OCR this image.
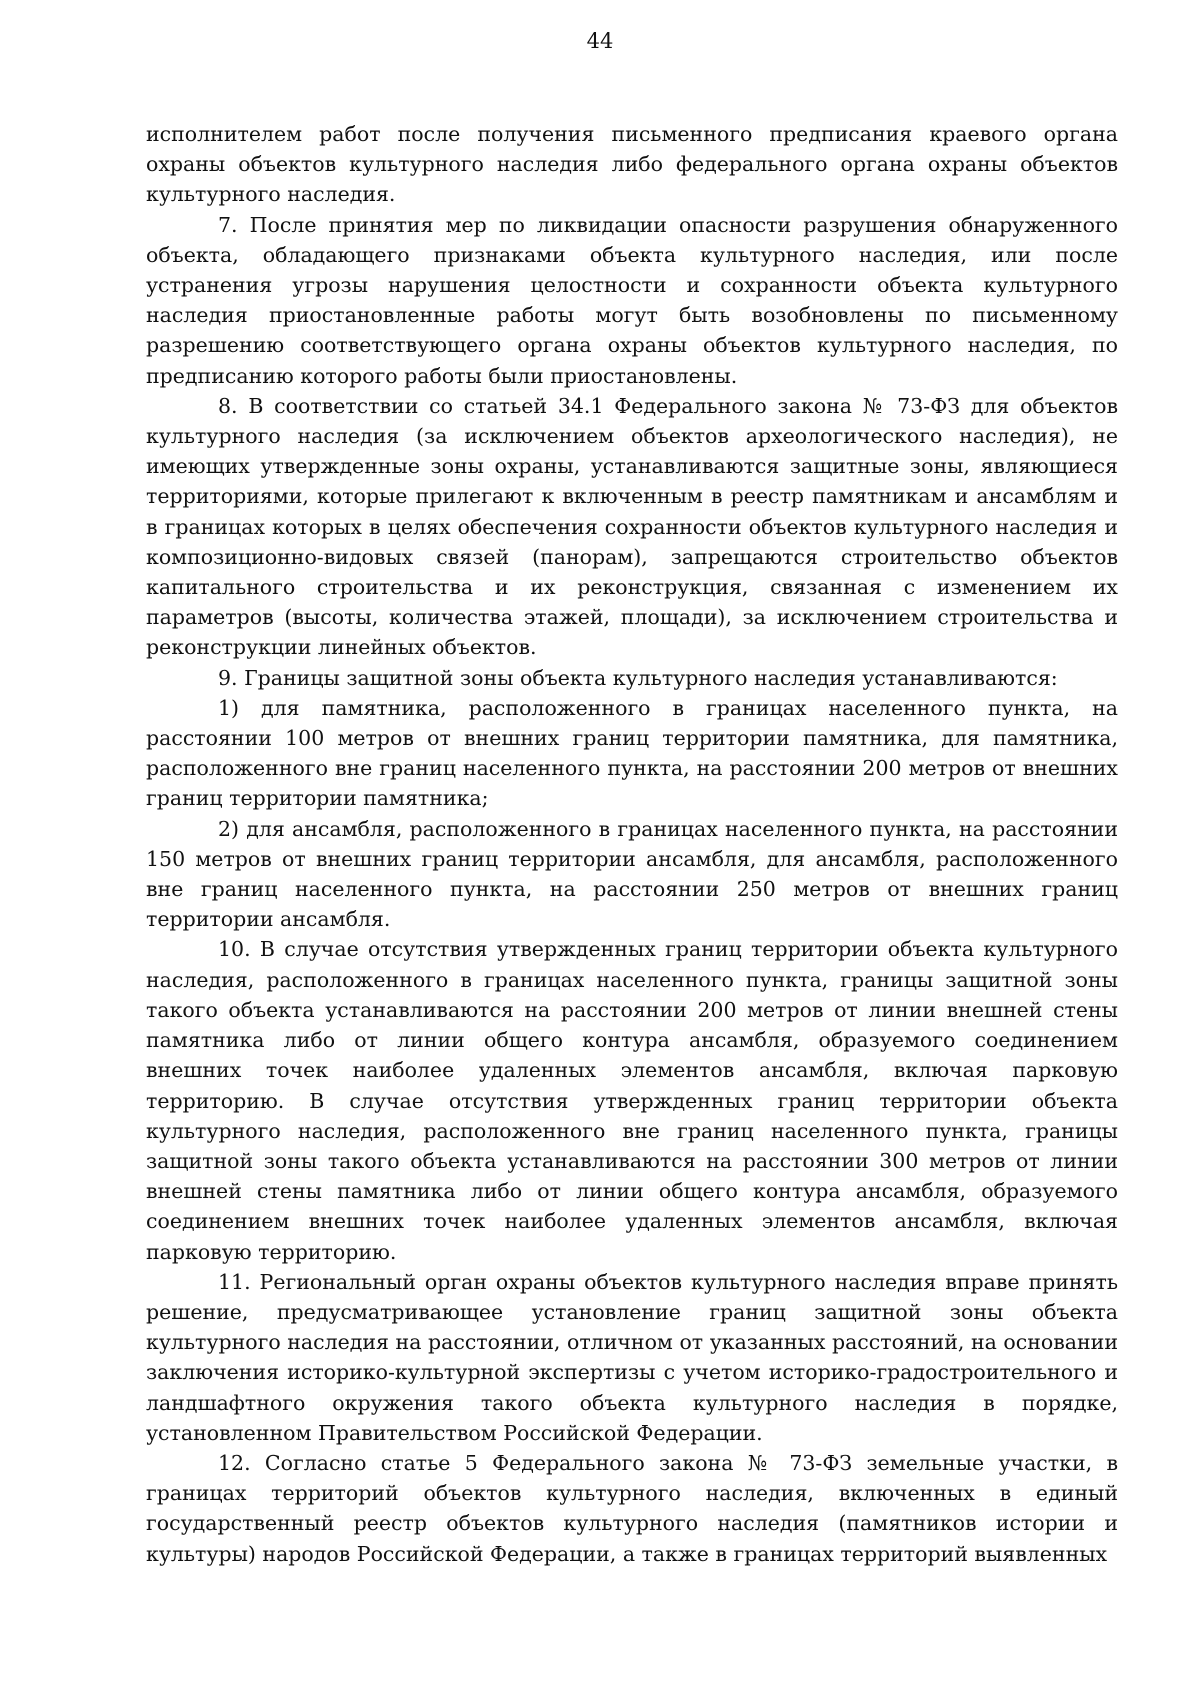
44

исполнителем работ после получения письменного предписания краевого органа охраны объектов культурного наследия либо федерального органа охраны объектов культурного наследия.

7. После принятия мер по ликвидации опасности разрушения обнаруженного объекта, обладающего признаками объекта культурного наследия, или после устранения угрозы нарушения целостности и сохранности объекта культурного наследия приостановленные работы могут быть возобновлены по письменному разрешению соответствующего органа охраны объектов культурного наследия, по предписанию которого работы были приостановлены.

8. В соответствии со статьей 34.1 Федерального закона № 73-ФЗ для объектов культурного наследия (за исключением объектов археологического наследия), не имеющих утвержденные зоны охраны, устанавливаются защитные зоны, являющиеся территориями, которые прилегают к включенным в реестр памятникам и ансамблям и в границах которых в целях обеспечения сохранности объектов культурного наследия и композиционно-видовых связей (панорам), запрещаются строительство объектов капитального строительства и их реконструкция, связанная с изменением их параметров (высоты, количества этажей, площади), за исключением строительства и реконструкции линейных объектов.

9. Границы защитной зоны объекта культурного наследия устанавливаются:

1) для памятника, расположенного в границах населенного пункта, на расстоянии 100 метров от внешних границ территории памятника, для памятника, расположенного вне границ населенного пункта, на расстоянии 200 метров от внешних границ территории памятника;

2) для ансамбля, расположенного в границах населенного пункта, на расстоянии 150 метров от внешних границ территории ансамбля, для ансамбля, расположенного вне границ населенного пункта, на расстоянии 250 метров от внешних границ территории ансамбля.

10. В случае отсутствия утвержденных границ территории объекта культурного наследия, расположенного в границах населенного пункта, границы защитной зоны такого объекта устанавливаются на расстоянии 200 метров от линии внешней стены памятника либо от линии общего контура ансамбля, образуемого соединением внешних точек наиболее удаленных элементов ансамбля, включая парковую территорию. В случае отсутствия утвержденных границ территории объекта культурного наследия, расположенного вне границ населенного пункта, границы защитной зоны такого объекта устанавливаются на расстоянии 300 метров от линии внешней стены памятника либо от линии общего контура ансамбля, образуемого соединением внешних точек наиболее удаленных элементов ансамбля, включая парковую территорию.

11. Региональный орган охраны объектов культурного наследия вправе принять решение, предусматривающее установление границ защитной зоны объекта культурного наследия на расстоянии, отличном от указанных расстояний, на основании заключения историко-культурной экспертизы с учетом историко-градостроительного и ландшафтного окружения такого объекта культурного наследия в порядке, установленном Правительством Российской Федерации.

12. Согласно статье 5 Федерального закона № 73-ФЗ земельные участки, в границах территорий объектов культурного наследия, включенных в единый государственный реестр объектов культурного наследия (памятников истории и культуры) народов Российской Федерации, а также в границах территорий выявленных
